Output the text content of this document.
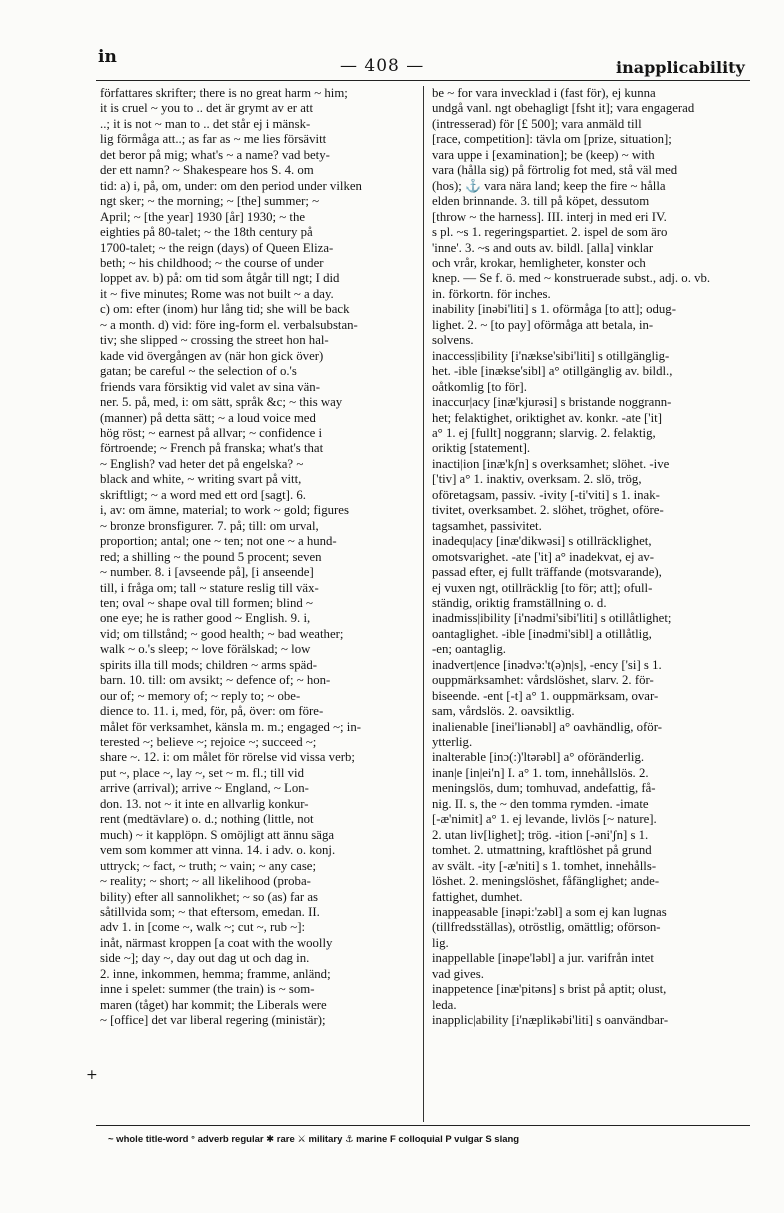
in	— 408 —	inapplicability
författares skrifter; there is no great harm ~ him;
it is cruel ~ you to .. det är grymt av er att
..; it is not ~ man to .. det står ej i mänsk-
lig förmåga att..; as far as ~ me lies försävitt
det beror på mig; what's ~ a name? vad bety-
der ett namn? ~ Shakespeare hos S. 4. om
tid: a) i, på, om, under: om den period under vilken
ngt sker; ~ the morning; ~ [the] summer; ~
April; ~ [the year] 1930 [år] 1930; ~ the
eighties på 80-talet; ~ the 18th century på
1700-talet; ~ the reign (days) of Queen Eliza-
beth; ~ his childhood; ~ the course of under
loppet av. b) på: om tid som åtgår till ngt; I did
it ~ five minutes; Rome was not built ~ a day.
c) om: efter (inom) hur lång tid; she will be back
~ a month. d) vid: före ing-form el. verbalsubstan-
tiv; she slipped ~ crossing the street hon hal-
kade vid övergången av (när hon gick över)
gatan; be careful ~ the selection of o.'s
friends vara försiktig vid valet av sina vän-
ner. 5. på, med, i: om sätt, språk &c; ~ this way
(manner) på detta sätt; ~ a loud voice med
hög röst; ~ earnest på allvar; ~ confidence i
förtroende; ~ French på franska; what's that
~ English? vad heter det på engelska? ~
black and white, ~ writing svart på vitt,
skriftligt; ~ a word med ett ord [sagt]. 6.
i, av: om ämne, material; to work ~ gold; figures
~ bronze bronsfigurer. 7. på; till: om urval,
proportion; antal; one ~ ten; not one ~ a hund-
red; a shilling ~ the pound 5 procent; seven
~ number. 8. i [avseende på], [i anseende]
till, i fråga om; tall ~ stature reslig till väx-
ten; oval ~ shape oval till formen; blind ~
one eye; he is rather good ~ English. 9. i,
vid; om tillstånd; ~ good health; ~ bad weather;
walk ~ o.'s sleep; ~ love förälskad; ~ low
spirits illa till mods; children ~ arms späd-
barn. 10. till: om avsikt; ~ defence of; ~ hon-
our of; ~ memory of; ~ reply to; ~ obe-
dience to. 11. i, med, för, på, över: om före-
målet för verksamhet, känsla m. m.; engaged ~; in-
terested ~; believe ~; rejoice ~; succeed ~;
share ~. 12. i: om målet för rörelse vid vissa verb;
put ~, place ~, lay ~, set ~ m. fl.; till vid
arrive (arrival); arrive ~ England, ~ Lon-
don. 13. not ~ it inte en allvarlig konkur-
rent (medtävlare) o. d.; nothing (little, not
much) ~ it kapplöpn. S omöjligt att ännu säga
vem som kommer att vinna. 14. i adv. o. konj.
uttryck; ~ fact, ~ truth; ~ vain; ~ any case;
~ reality; ~ short; ~ all likelihood (proba-
bility) efter all sannolikhet; ~ so (as) far as
såtillvida som; ~ that eftersom, emedan. II.
adv 1. in [come ~, walk ~; cut ~, rub ~]:
inåt, närmast kroppen [a coat with the woolly
side ~]; day ~, day out dag ut och dag in.
2. inne, inkommen, hemma; framme, anländ;
inne i spelet: summer (the train) is ~ som-
maren (tåget) har kommit; the Liberals were
~ [office] det var liberal regering (ministär);
be ~ for vara invecklad i (fast för), ej kunna
undgå vanl. ngt obehagligt [fsht it]; vara engagerad
(intresserad) för [£ 500]; vara anmäld till
[race, competition]: tävla om [prize, situation];
vara uppe i [examination]; be (keep) ~ with
vara (hålla sig) på förtrolig fot med, stå väl med
(hos); ⚓ vara nära land; keep the fire ~ hålla
elden brinnande. 3. till på köpet, dessutom
[throw ~ the harness]. III. interj in med eri IV.
s pl. ~s 1. regeringspartiet. 2. ispel de som äro
'inne'. 3. ~s and outs av. bildl. [alla] vinklar
och vrår, krokar, hemligheter, konster och
knep. — Se f. ö. med ~ konstruerade subst., adj. o. vb.
in. förkortn. för inches.
inability [inəbi'liti] s 1. oförmåga [to att]; odug-
lighet. 2. ~ [to pay] oförmåga att betala, in-
solvens.
inaccess|ibility [i'nækse'sibi'liti] s otillgänglig-
het. -ible [inækse'sibl] a° otillgänglig av. bildl.,
oåtkomlig [to för].
inaccur|acy [inæ'kjurəsi] s bristande noggrann-
het; felaktighet, oriktighet av. konkr. -ate ['it]
a° 1. ej [fullt] noggrann; slarvig. 2. felaktig,
oriktig [statement].
inacti|ion [inæ'kʃn] s overksamhet; slöhet. -ive
['tiv] a° 1. inaktiv, overksam. 2. slö, trög,
oföretagsam, passiv. -ivity [-ti'viti] s 1. inak-
tivitet, overksambet. 2. slöhet, tröghet, oföre-
tagsamhet, passivitet.
inadequ|acy [inæ'dikwəsi] s otillräcklighet,
omotsvarighet. -ate ['it] a° inadekvat, ej av-
passad efter, ej fullt träffande (motsvarande),
ej vuxen ngt, otillräcklig [to för; att]; ofull-
ständig, oriktig framställning o. d.
inadmiss|ibility [i'nədmi'sibi'liti] s otillåtlighet;
oantaglighet. -ible [inədmi'sibl] a otillåtlig,
-en; oantaglig.
inadvert|ence [inədvə:'t(ə)n|s], -ency ['si] s 1.
ouppmärksamhet: vårdslöshet, slarv. 2. för-
biseende. -ent [-t] a° 1. ouppmärksam, ovar-
sam, vårdslös. 2. oavsiktlig.
inalienable [inei'liənəbl] a° oavhändlig, oför-
ytterlig.
inalterable [inɔ(:)'ltərəbl] a° oföränderlig.
inan|e [in|ei'n] I. a° 1. tom, innehållslös. 2.
meningslös, dum; tomhuvad, andefattig, få-
nig. II. s, the ~ den tomma rymden. -imate
[-æ'nimit] a° 1. ej levande, livlös [~ nature].
2. utan liv[lighet]; trög. -ition [-əni'ʃn] s 1.
tomhet. 2. utmattning, kraftlöshet på grund
av svält. -ity [-æ'niti] s 1. tomhet, innehålls-
löshet. 2. meningslöshet, fåfänglighet; ande-
fattighet, dumhet.
inappeasable [inəpi:'zəbl] a som ej kan lugnas
(tillfredsställas), otröstlig, omättlig; oförson-
lig.
inappellable [inəpe'ləbl] a jur. varifrån intet
vad gives.
inappetence [inæ'pitəns] s brist på aptit; olust,
leda.
inapplic|ability [i'næplikəbi'liti] s oanvändbar-
+
~ whole title-word ° adverb regular ✱ rare ⚔ military ⚓ marine F colloquial P vulgar S slang
